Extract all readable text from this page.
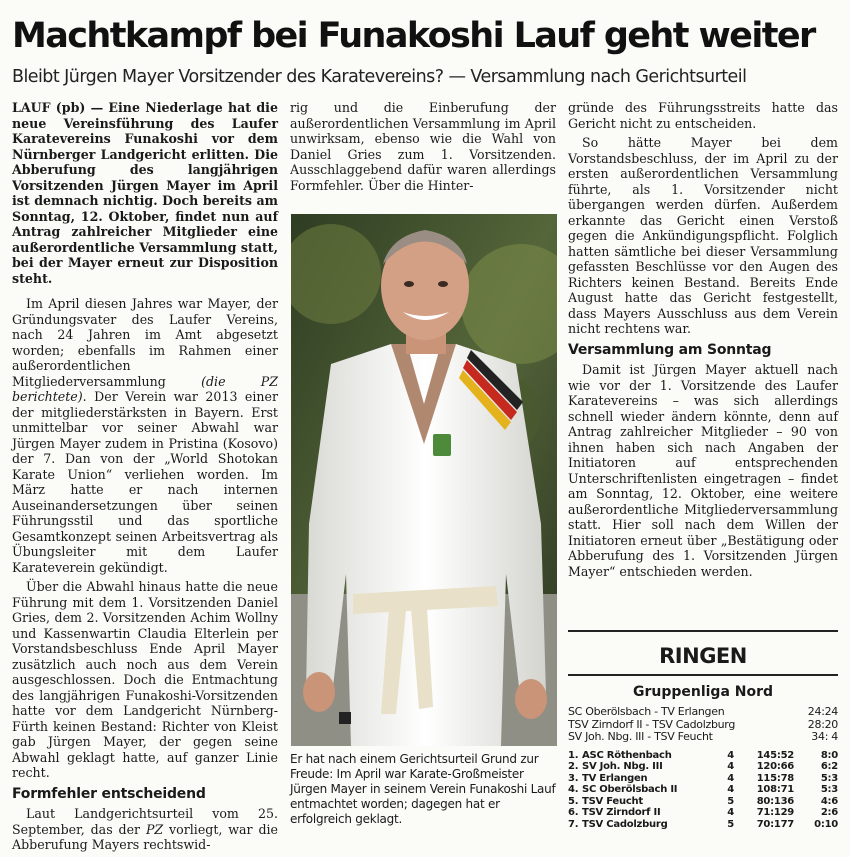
Machtkampf bei Funakoshi Lauf geht weiter
Bleibt Jürgen Mayer Vorsitzender des Karatevereins? — Versammlung nach Gerichtsurteil

LAUF (pb) — Eine Niederlage hat die neue Vereinsführung des Laufer Karatevereins Funakoshi vor dem Nürnberger Landgericht erlitten. Die Abberufung des langjährigen Vorsitzenden Jürgen Mayer im April ist demnach nichtig. Doch bereits am Sonntag, 12. Oktober, findet nun auf Antrag zahlreicher Mitglieder eine außerordentliche Versammlung statt, bei der Mayer erneut zur Disposition steht.

Im April diesen Jahres war Mayer, der Gründungsvater des Laufer Vereins, nach 24 Jahren im Amt abgesetzt worden; ebenfalls im Rahmen einer außerordentlichen Mitgliederversammlung (die PZ berichtete). Der Verein war 2013 einer der mitgliederstärksten in Bayern. Erst unmittelbar vor seiner Abwahl war Jürgen Mayer zudem in Pristina (Kosovo) der 7. Dan von der „World Shotokan Karate Union“ verliehen worden. Im März hatte er nach internen Auseinandersetzungen über seinen Führungsstil und das sportliche Gesamtkonzept seinen Arbeitsvertrag als Übungsleiter mit dem Laufer Karateverein gekündigt.

Über die Abwahl hinaus hatte die neue Führung mit dem 1. Vorsitzenden Daniel Gries, dem 2. Vorsitzenden Achim Wollny und Kassenwartin Claudia Elterlein per Vorstandsbeschluss Ende April Mayer zusätzlich auch noch aus dem Verein ausgeschlossen. Doch die Entmachtung des langjährigen Funakoshi-Vorsitzenden hatte vor dem Landgericht Nürnberg-Fürth keinen Bestand: Richter von Kleist gab Jürgen Mayer, der gegen seine Abwahl geklagt hatte, auf ganzer Linie recht.

Formfehler entscheidend

Laut Landgerichtsurteil vom 25. September, das der PZ vorliegt, war die Abberufung Mayers rechtswid-

rig und die Einberufung der außerordentlichen Versammlung im April unwirksam, ebenso wie die Wahl von Daniel Gries zum 1. Vorsitzenden. Ausschlaggebend dafür waren allerdings Formfehler. Über die Hinter-

Er hat nach einem Gerichtsurteil Grund zur Freude: Im April war Karate-Großmeister Jürgen Mayer in seinem Verein Funakoshi Lauf entmachtet worden; dagegen hat er erfolgreich geklagt.

gründe des Führungsstreits hatte das Gericht nicht zu entscheiden.

So hätte Mayer bei dem Vorstandsbeschluss, der im April zu der ersten außerordentlichen Versammlung führte, als 1. Vorsitzender nicht übergangen werden dürfen. Außerdem erkannte das Gericht einen Verstoß gegen die Ankündigungspflicht. Folglich hatten sämtliche bei dieser Versammlung gefassten Beschlüsse vor den Augen des Richters keinen Bestand. Bereits Ende August hatte das Gericht festgestellt, dass Mayers Ausschluss aus dem Verein nicht rechtens war.

Versammlung am Sonntag

Damit ist Jürgen Mayer aktuell nach wie vor der 1. Vorsitzende des Laufer Karatevereins – was sich allerdings schnell wieder ändern könnte, denn auf Antrag zahlreicher Mitglieder – 90 von ihnen haben sich nach Angaben der Initiatoren auf entsprechenden Unterschriftenlisten eingetragen – findet am Sonntag, 12. Oktober, eine weitere außerordentliche Mitgliederversammlung statt. Hier soll nach dem Willen der Initiatoren erneut über „Bestätigung oder Abberufung des 1. Vorsitzenden Jürgen Mayer“ entschieden werden.

RINGEN
Gruppenliga Nord
SC Oberölsbach - TV Erlangen	24:24
TSV Zirndorf II - TSV Cadolzburg	28:20
SV Joh. Nbg. III - TSV Feucht	34: 4
1. ASC Röthenbach	4	145:52	8:0
2. SV Joh. Nbg. III	4	120:66	6:2
3. TV Erlangen	4	115:78	5:3
4. SC Oberölsbach II	4	108:71	5:3
5. TSV Feucht	5	80:136	4:6
6. TSV Zirndorf II	4	71:129	2:6
7. TSV Cadolzburg	5	70:177	0:10
